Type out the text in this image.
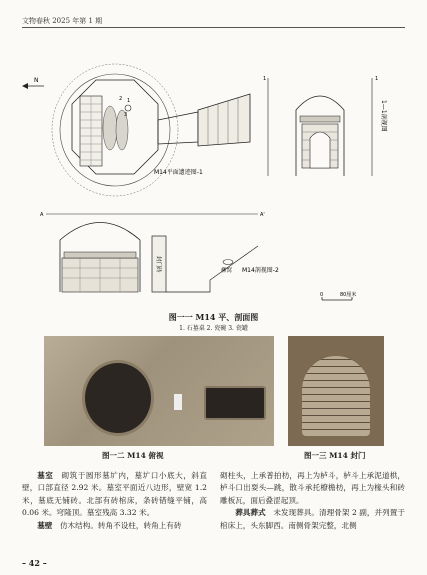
文物春秋 2025 年第 1 期
N
1
2
3
M14平面遗迹图-1
1	1
1—1剖视图
A	A'
封门砖	柳窝 M14剖视图-2
0	80厘米
图一一 M14 平、剖面图
1. 石墓桌 2. 瓷碗 3. 瓷罐
图一二 M14 俯视	图一三 M14 封门

墓室　 砌筑于圆形墓圹内，墓圹口小底大，斜直壁，口部直径 2.92 米。墓室平面近八边形，壁宽 1.2 米，墓底无铺砖。北部有砖棺床，条砖错缝平铺，高 0.06 米。穹隆顶。墓室残高 3.32 米。

墓壁　 仿木结构。转角不设柱，转角上有砖

砌柱头，上承普拍枋，再上为栌斗，栌斗上承泥道栱，栌斗口出耍头—跳，散斗承托橑檐枋，再上为椽头和砖雕板瓦，面后叠涩起顶。

葬具葬式　 未发现葬具。清理骨架 2 副，并列置于棺床上，头东脚西。南侧骨架完整，北侧

– 42 –
